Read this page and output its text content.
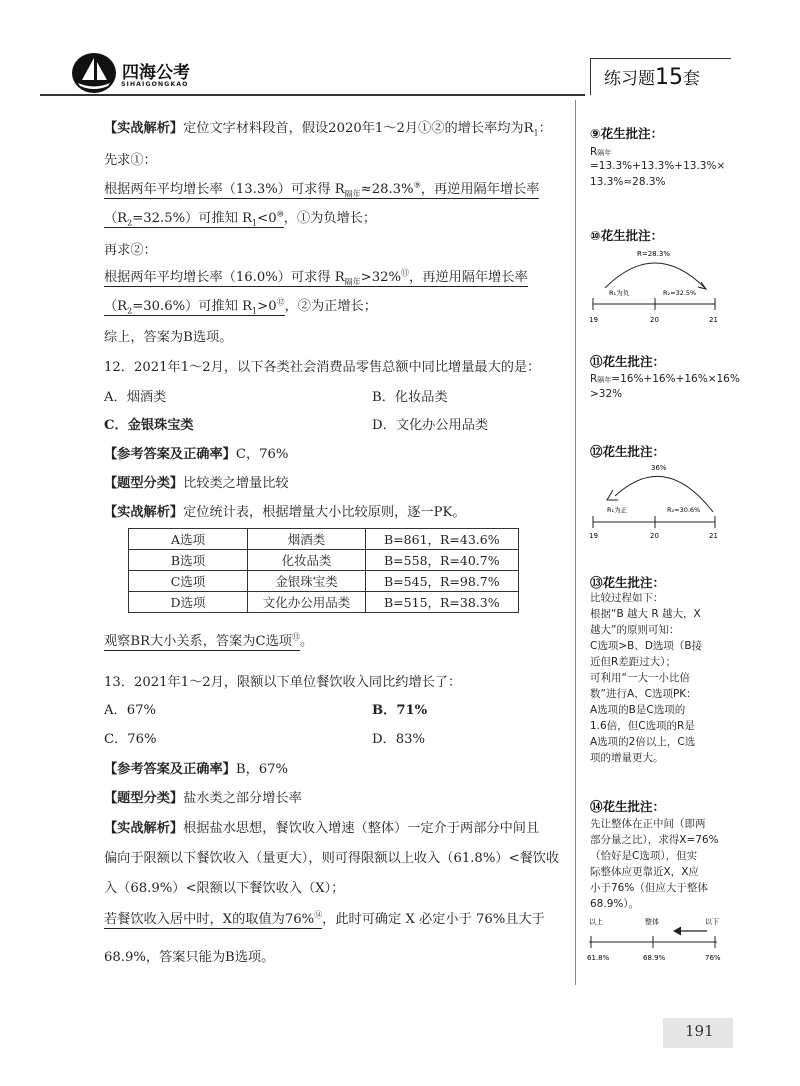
四海公考
SIHAIGONGKAO	练习题15套
【实战解析】定位文字材料段首，假设2020年1～2月①②的增长率均为$R_1$：
先求①：
根据两年平均增长率（13.3%）可求得 $R_{隔年}\approx 28.3\%^⑨$，再逆用隔年增长率
$(R_2=32.5\%)$可推知 $R_1<0^⑩$，①为负增长；
再求②：
根据两年平均增长率（16.0%）可求得 $R_{隔年}>32\%^⑪$，再逆用隔年增长率
$(R_2=30.6\%)$可推知 $R_1>0^⑫$，②为正增长；
综上，答案为B选项。
12．2021年1～2月，以下各类社会消费品零售总额中同比增量最大的是：
A．烟酒类	B．化妆品类
C．金银珠宝类	D．文化办公用品类
【参考答案及正确率】C，76%
【题型分类】比较类之增量比较
【实战解析】定位统计表，根据增量大小比较原则，逐一PK。
A选项	烟酒类	B=861，R=43.6%
B选项	化妆品类	B=558，R=40.7%
C选项	金银珠宝类	B=545，R=98.7%
D选项	文化办公用品类	B=515，R=38.3%
观察BR大小关系，答案为C选项⑬。
13．2021年1～2月，限额以下单位餐饮收入同比约增长了：
A．67%	B．71%
C．76%	D．83%
【参考答案及正确率】B，67%
【题型分类】盐水类之部分增长率
【实战解析】根据盐水思想，餐饮收入增速（整体）一定介于两部分中间且
偏向于限额以下餐饮收入（量更大），则可得限额以上收入（61.8%）<餐饮收
入（68.9%）<限额以下餐饮收入（X）；
若餐饮收入居中时，X的取值为76%⑭，此时可确定 X 必定小于 76%且大于
68.9%，答案只能为B选项。
⑨花生批注：
R隔年
=13.3%+13.3%+13.3%×
13.3%≈28.3%
⑩花生批注：
R=28.3%
R₁为负	R₂=32.5%
19	20	21
⑪花生批注：
R隔年=16%+16%+16%×16%
>32%
⑫花生批注：
36%
R₁为正	R₂=30.6%
19	20	21
⑬花生批注：
比较过程如下：
根据“B 越大 R 越大，X
越大”的原则可知：
C选项>B、D选项（B接
近但R差距过大）；
可利用“一大一小比倍
数”进行A、C选项PK：
A选项的B是C选项的
1.6倍，但C选项的R是
A选项的2倍以上，C选
项的增量更大。
⑭花生批注：
先让整体在正中间（即两
部分量之比），求得X=76%
（恰好是C选项），但实
际整体应更靠近X，X应
小于76%（但应大于整体
68.9%）。
以上	整体	以下
61.8%	68.9%	76%
191
